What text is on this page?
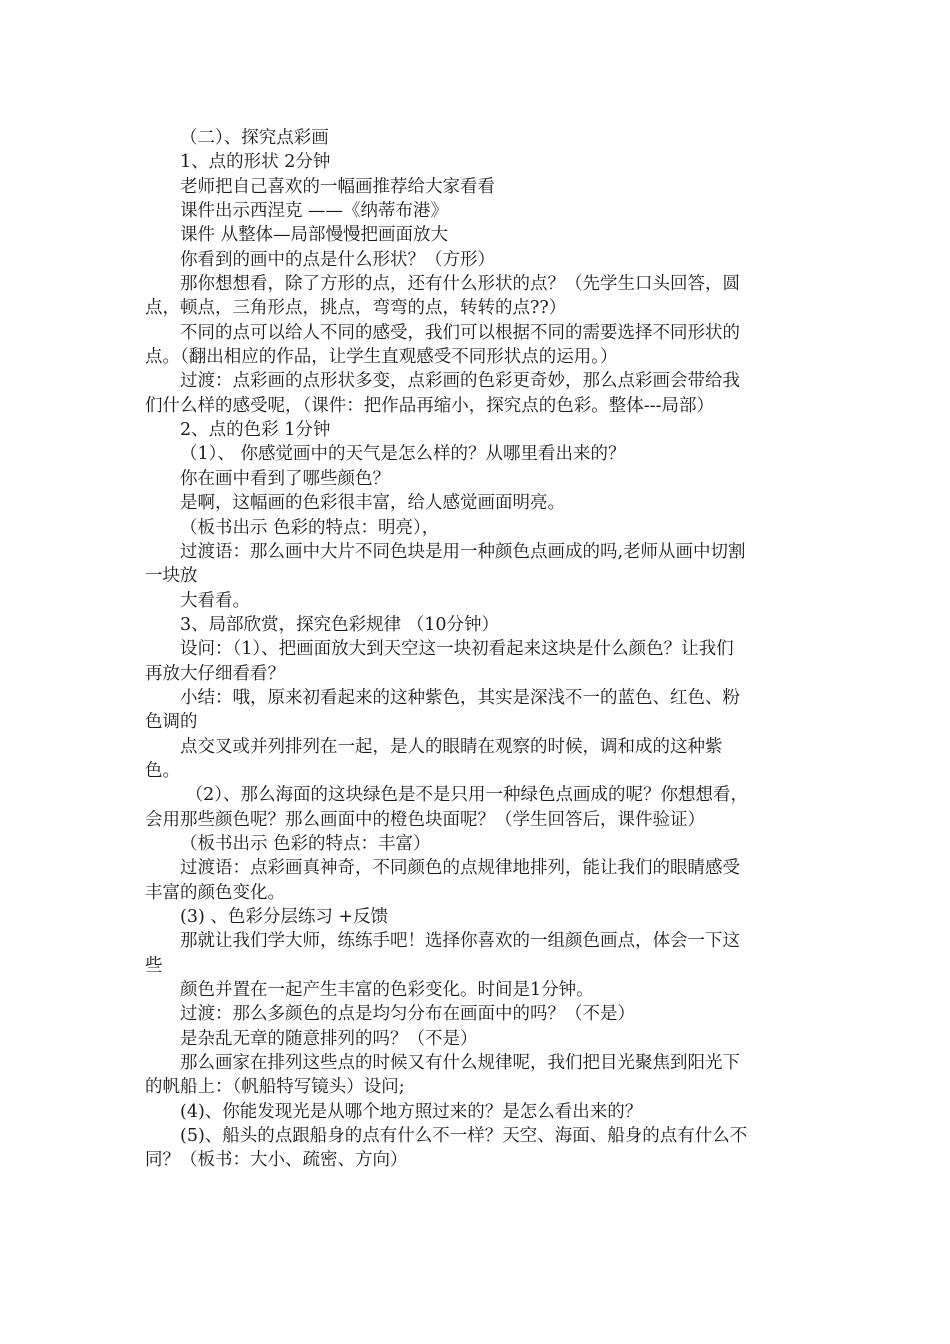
（二）、探究点彩画
1、点的形状 2分钟
老师把自己喜欢的一幅画推荐给大家看看
课件出示西涅克 ——《纳蒂布港》
课件 从整体—局部慢慢把画面放大
你看到的画中的点是什么形状？（方形）
那你想想看，除了方形的点，还有什么形状的点？（先学生口头回答，圆
点，顿点，三角形点，挑点，弯弯的点，转转的点??）
不同的点可以给人不同的感受，我们可以根据不同的需要选择不同形状的
点。（翻出相应的作品，让学生直观感受不同形状点的运用。）
过渡：点彩画的点形状多变，点彩画的色彩更奇妙，那么点彩画会带给我
们什么样的感受呢，（课件：把作品再缩小，探究点的色彩。整体---局部）
2、点的色彩 1分钟
（1）、 你感觉画中的天气是怎么样的？从哪里看出来的？
你在画中看到了哪些颜色？
是啊，这幅画的色彩很丰富，给人感觉画面明亮。
（板书出示 色彩的特点：明亮），
过渡语：那么画中大片不同色块是用一种颜色点画成的吗,老师从画中切割
一块放
大看看。
3、局部欣赏，探究色彩规律 （10分钟）
设问：（1）、把画面放大到天空这一块初看起来这块是什么颜色？让我们
再放大仔细看看？
小结：哦，原来初看起来的这种紫色，其实是深浅不一的蓝色、红色、粉
色调的
点交叉或并列排列在一起，是人的眼睛在观察的时候，调和成的这种紫
色。
（2）、那么海面的这块绿色是不是只用一种绿色点画成的呢？你想想看，
会用那些颜色呢？那么画面中的橙色块面呢？（学生回答后，课件验证）
（板书出示 色彩的特点：丰富）
过渡语：点彩画真神奇，不同颜色的点规律地排列，能让我们的眼睛感受
丰富的颜色变化。
(3) 、色彩分层练习 +反馈
那就让我们学大师，练练手吧！选择你喜欢的一组颜色画点，体会一下这
些
颜色并置在一起产生丰富的色彩变化。时间是1分钟。
过渡：那么多颜色的点是均匀分布在画面中的吗？（不是）
是杂乱无章的随意排列的吗？（不是）
那么画家在排列这些点的时候又有什么规律呢，我们把目光聚焦到阳光下
的帆船上：（帆船特写镜头）设问;
(4)、你能发现光是从哪个地方照过来的？是怎么看出来的？
(5)、船头的点跟船身的点有什么不一样？天空、海面、船身的点有什么不
同？（板书：大小、疏密、方向）
